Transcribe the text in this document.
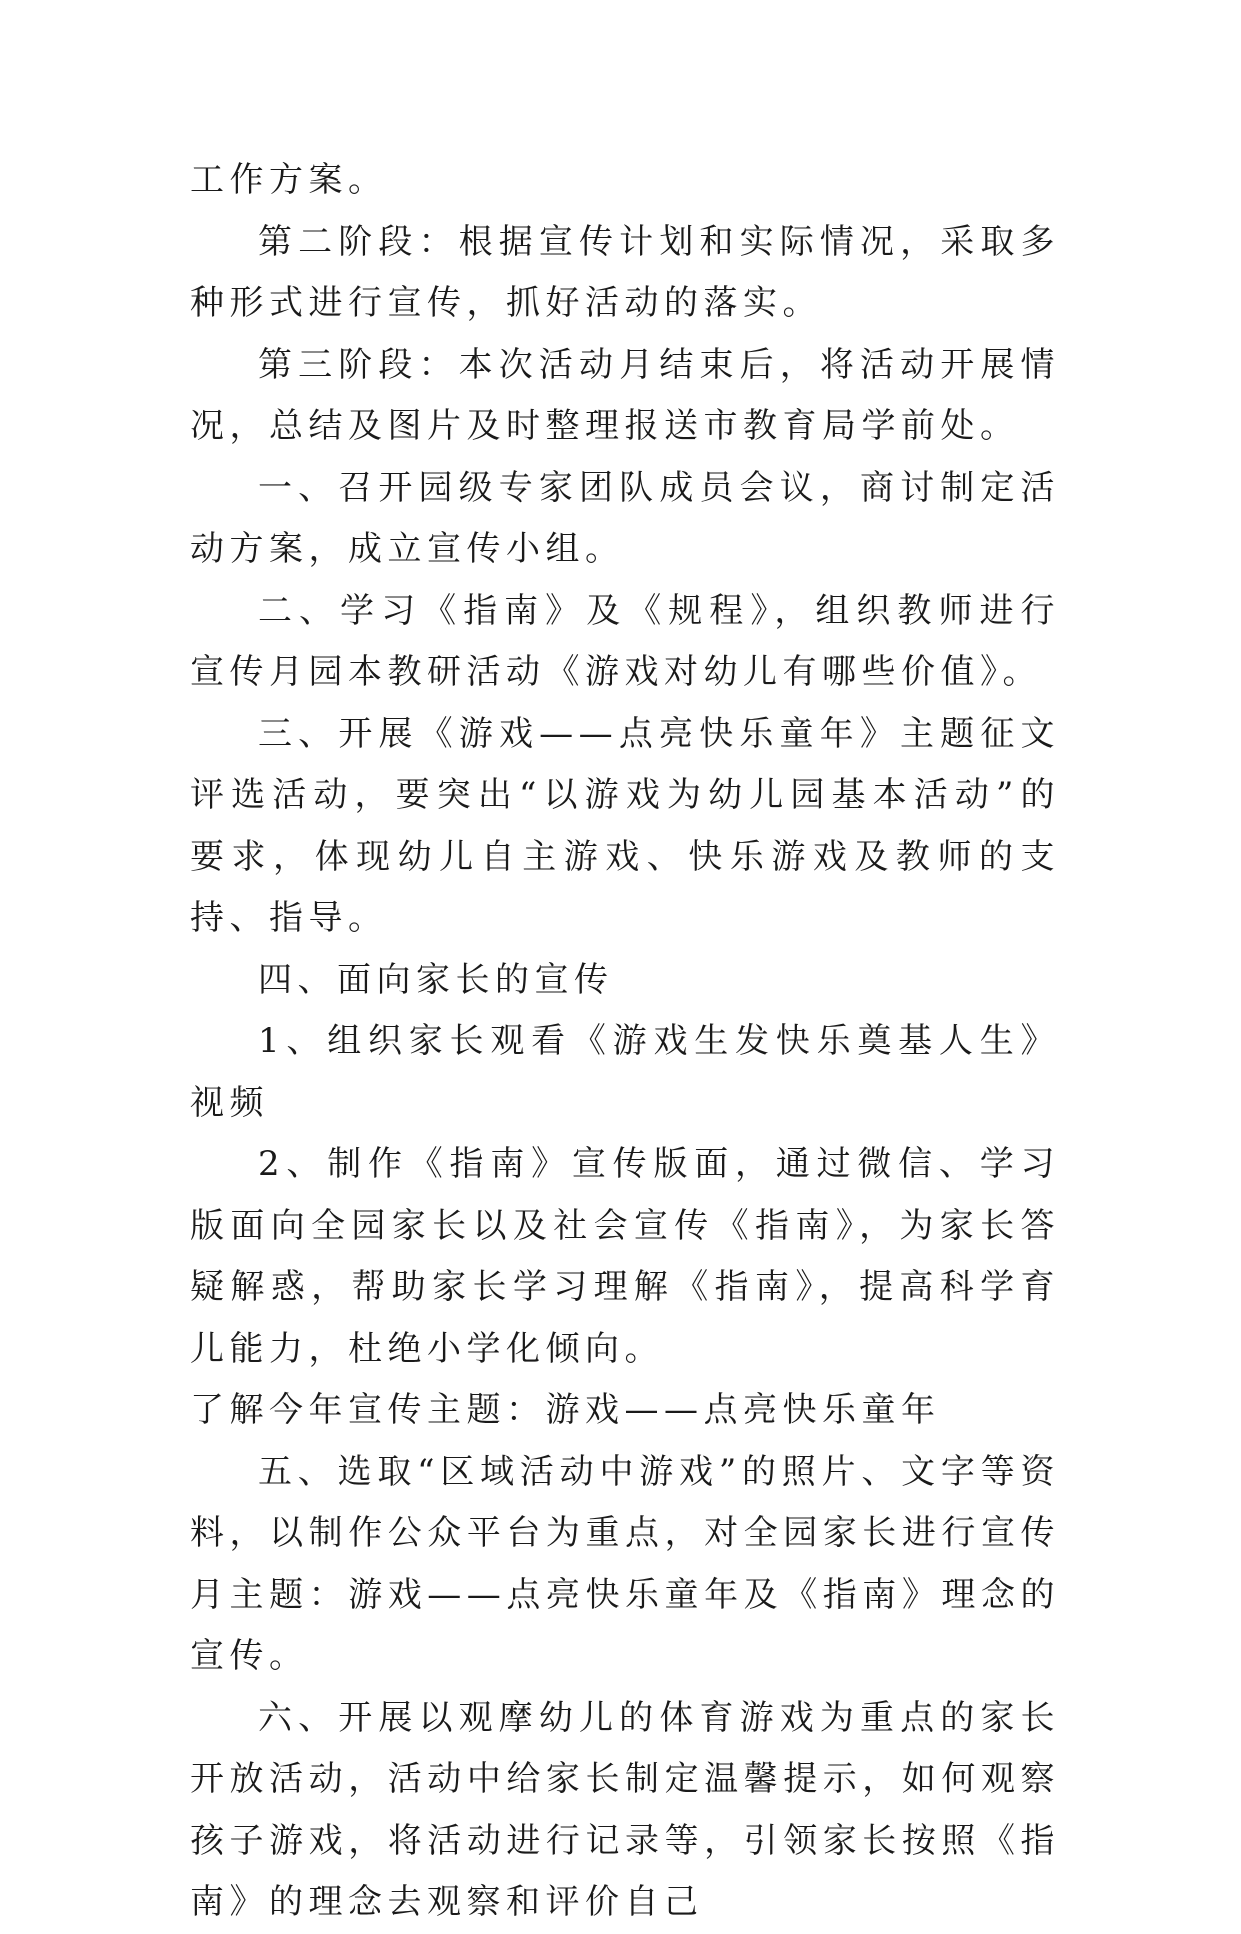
工作方案。

第二阶段：根据宣传计划和实际情况，采取多种形式进行宣传，抓好活动的落实。

第三阶段：本次活动月结束后，将活动开展情况，总结及图片及时整理报送市教育局学前处。

一、召开园级专家团队成员会议，商讨制定活动方案，成立宣传小组。

二、学习《指南》及《规程》，组织教师进行宣传月园本教研活动《游戏对幼儿有哪些价值》。

三、开展《游戏——点亮快乐童年》主题征文评选活动，要突出“以游戏为幼儿园基本活动”的要求，体现幼儿自主游戏、快乐游戏及教师的支持、指导。

四、面向家长的宣传

1、组织家长观看《游戏生发快乐奠基人生》视频

2、制作《指南》宣传版面，通过微信、学习版面向全园家长以及社会宣传《指南》，为家长答疑解惑，帮助家长学习理解《指南》，提高科学育儿能力，杜绝小学化倾向。

了解今年宣传主题：游戏——点亮快乐童年

五、选取“区域活动中游戏”的照片、文字等资料，以制作公众平台为重点，对全园家长进行宣传月主题：游戏——点亮快乐童年及《指南》理念的宣传。

六、开展以观摩幼儿的体育游戏为重点的家长开放活动，活动中给家长制定温馨提示，如何观察孩子游戏，将活动进行记录等，引领家长按照《指南》的理念去观察和评价自己
